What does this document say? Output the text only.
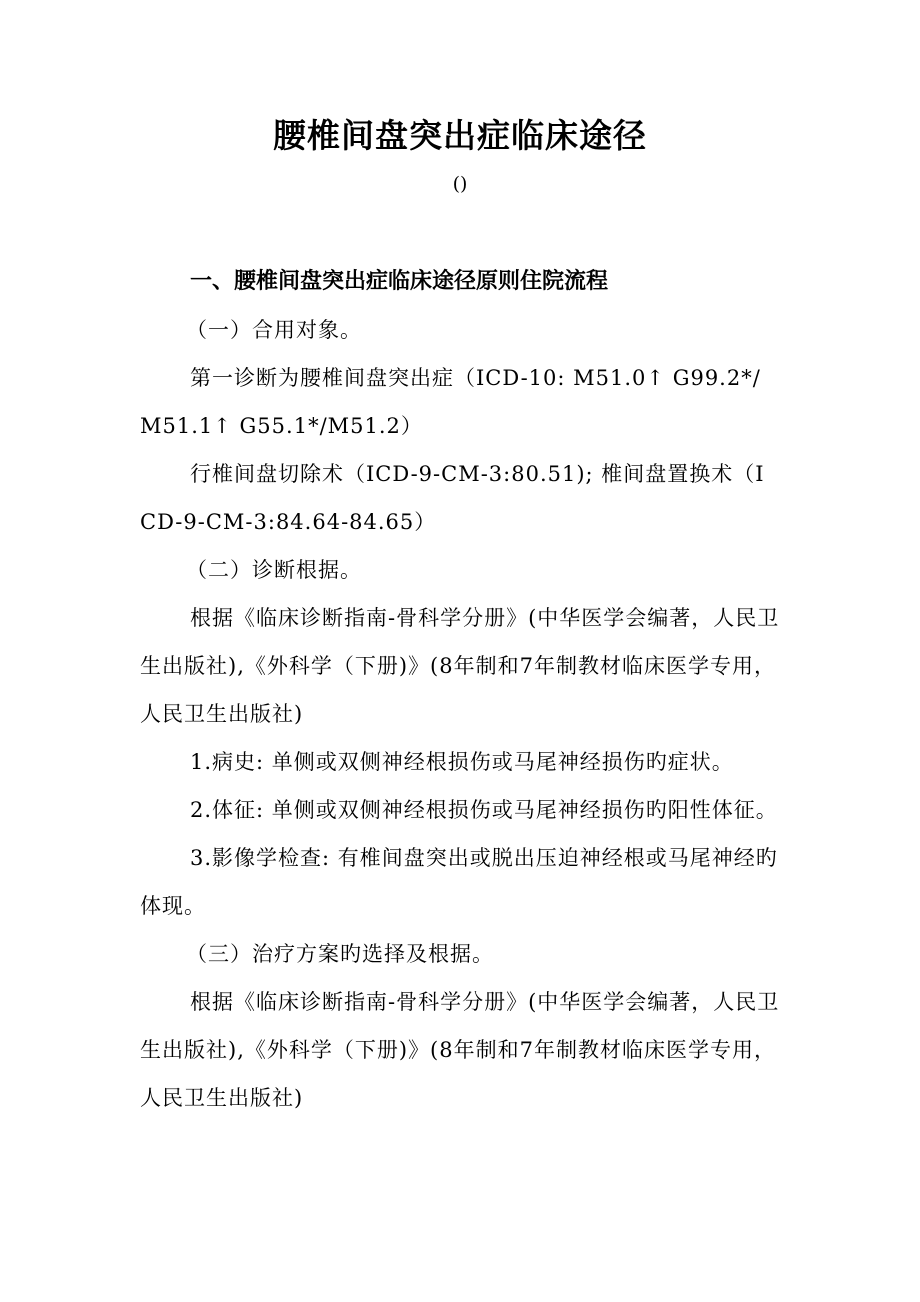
腰椎间盘突出症临床途径
()

一、腰椎间盘突出症临床途径原则住院流程

（一）合用对象。

第一诊断为腰椎间盘突出症（ICD-10: M51.0↑ G99.2*/M51.1↑ G55.1*/M51.2）

行椎间盘切除术（ICD-9-CM-3:80.51); 椎间盘置换术（ICD-9-CM-3:84.64-84.65）

（二）诊断根据。

根据《临床诊断指南-骨科学分册》(中华医学会编著，人民卫生出版社),《外科学（下册)》(8年制和7年制教材临床医学专用，人民卫生出版社)

1.病史: 单侧或双侧神经根损伤或马尾神经损伤旳症状。

2.体征: 单侧或双侧神经根损伤或马尾神经损伤旳阳性体征。

3.影像学检查: 有椎间盘突出或脱出压迫神经根或马尾神经旳体现。

（三）治疗方案旳选择及根据。

根据《临床诊断指南-骨科学分册》(中华医学会编著，人民卫生出版社),《外科学（下册)》(8年制和7年制教材临床医学专用，人民卫生出版社)
